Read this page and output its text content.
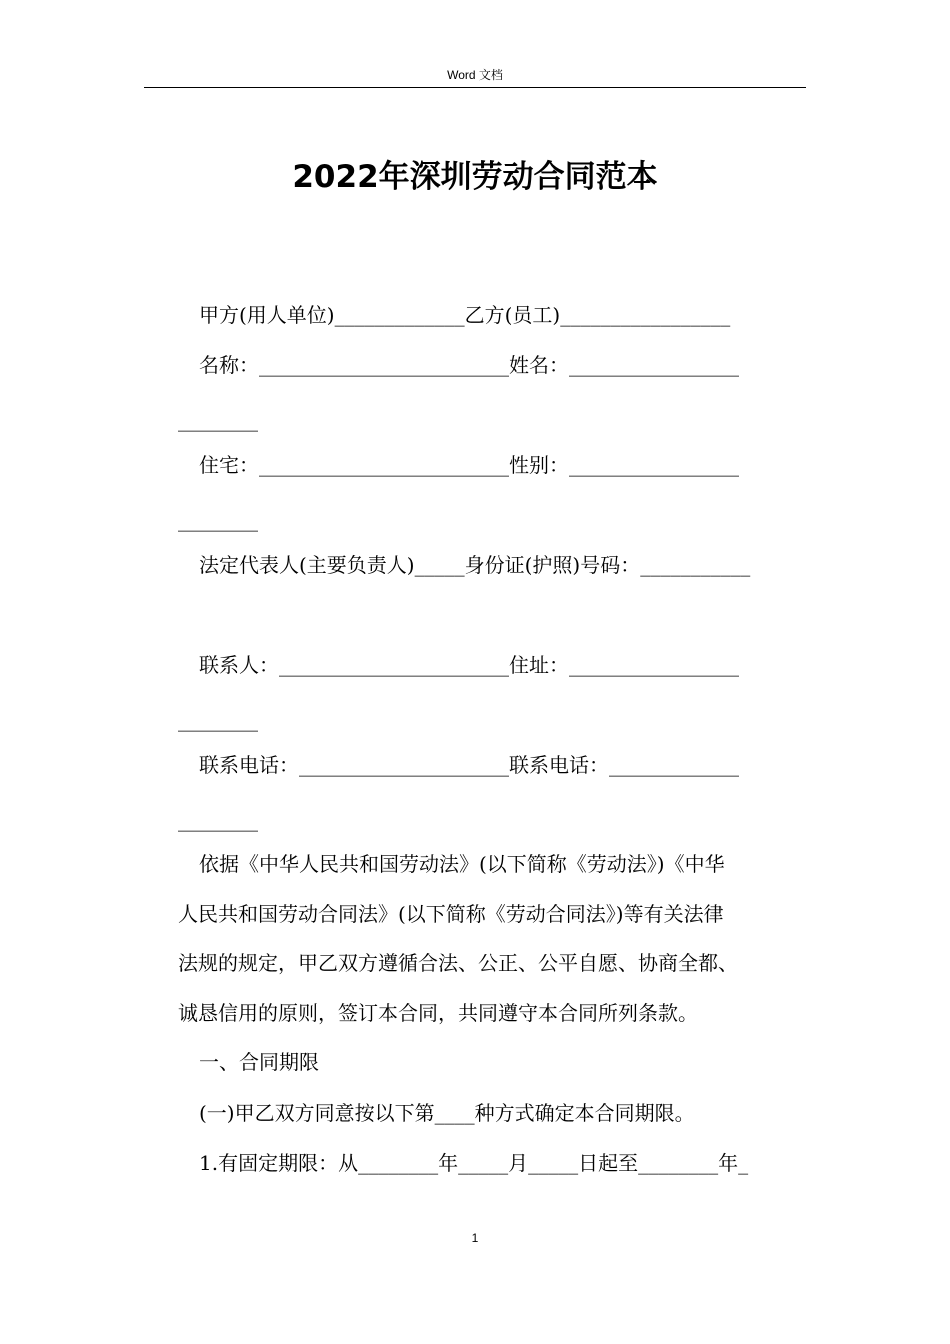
Word 文档
2022年深圳劳动合同范本
甲方(用人单位)_____________乙方(员工)_________________
名称：_________________________姓名：_________________
________
住宅：_________________________性别：_________________
________
法定代表人(主要负责人)_____身份证(护照)号码：___________
联系人：_______________________住址：_________________
________
联系电话：_____________________联系电话：_____________
________
依据《中华人民共和国劳动法》(以下简称《劳动法》)《中华
人民共和国劳动合同法》(以下简称《劳动合同法》)等有关法律
法规的规定，甲乙双方遵循合法、公正、公平自愿、协商全都、
诚恳信用的原则，签订本合同，共同遵守本合同所列条款。
一、合同期限
(一)甲乙双方同意按以下第____种方式确定本合同期限。
1.有固定期限：从________年_____月_____日起至________年_
1
